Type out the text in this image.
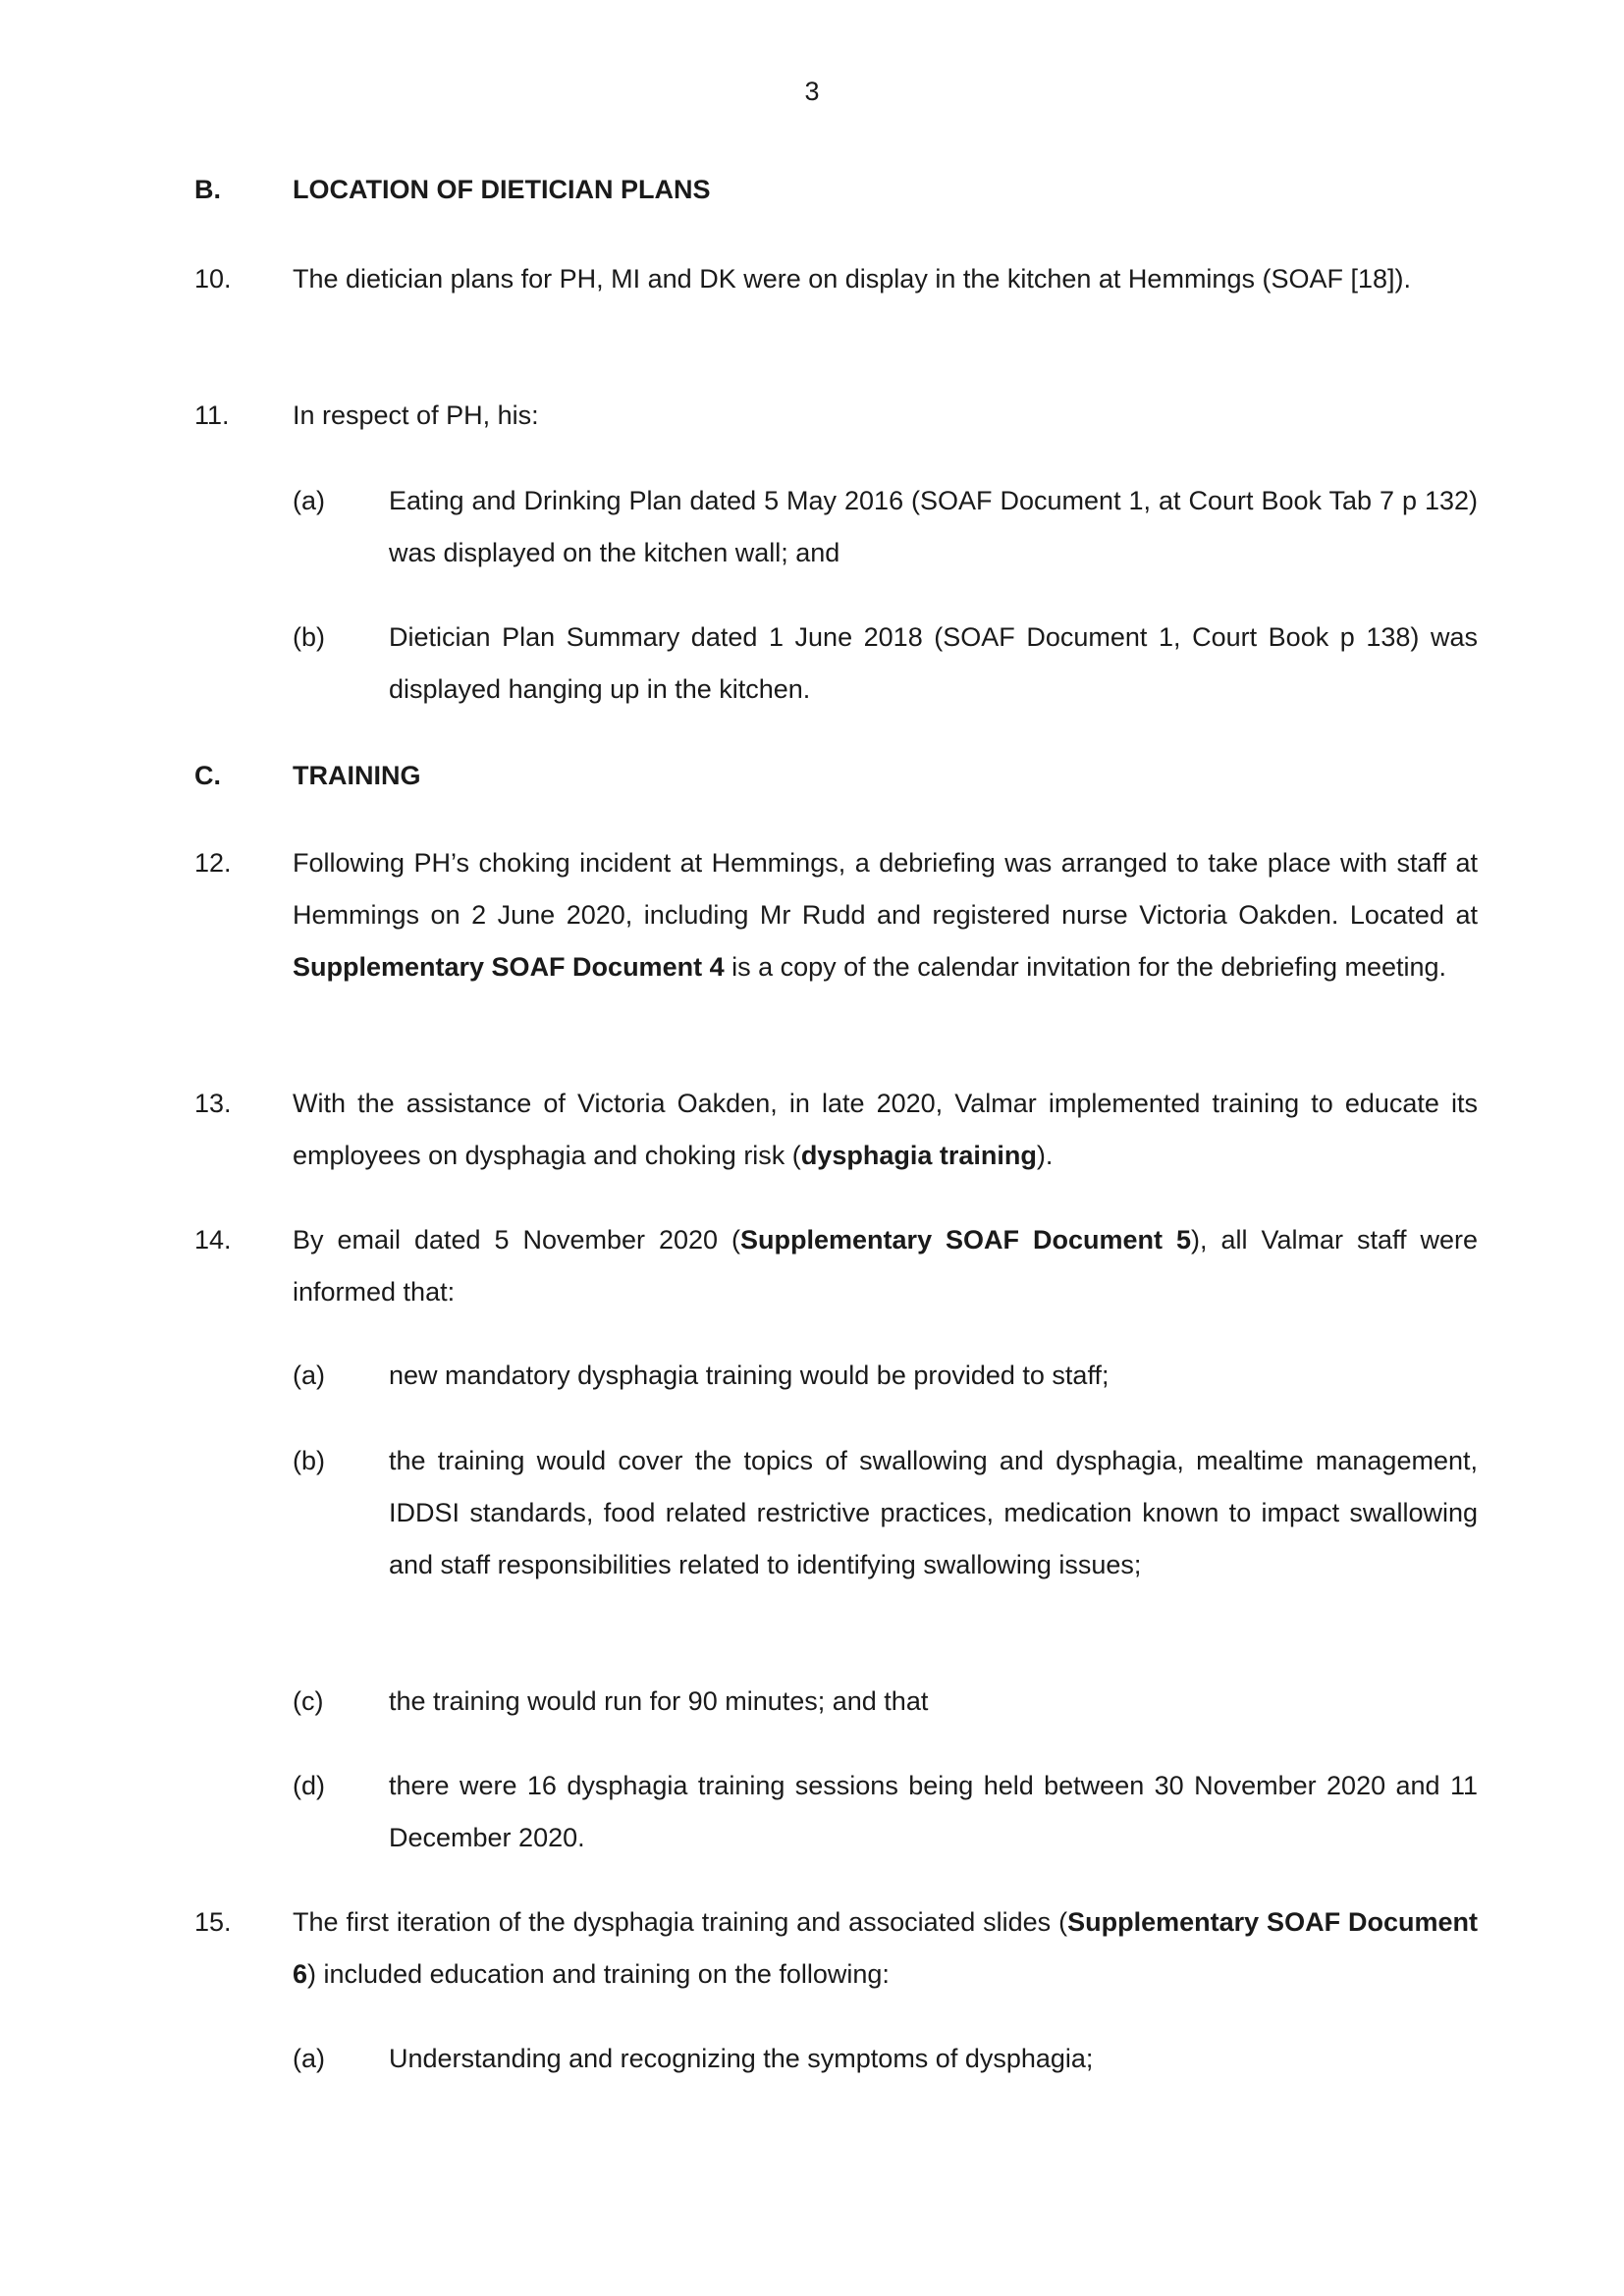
3
B.	LOCATION OF DIETICIAN PLANS
10. The dietician plans for PH, MI and DK were on display in the kitchen at Hemmings (SOAF [18]).
11. In respect of PH, his:
(a) Eating and Drinking Plan dated 5 May 2016 (SOAF Document 1, at Court Book Tab 7 p 132) was displayed on the kitchen wall; and
(b) Dietician Plan Summary dated 1 June 2018 (SOAF Document 1, Court Book p 138) was displayed hanging up in the kitchen.
C.	TRAINING
12. Following PH’s choking incident at Hemmings, a debriefing was arranged to take place with staff at Hemmings on 2 June 2020, including Mr Rudd and registered nurse Victoria Oakden. Located at Supplementary SOAF Document 4 is a copy of the calendar invitation for the debriefing meeting.
13. With the assistance of Victoria Oakden, in late 2020, Valmar implemented training to educate its employees on dysphagia and choking risk (dysphagia training).
14. By email dated 5 November 2020 (Supplementary SOAF Document 5), all Valmar staff were informed that:
(a) new mandatory dysphagia training would be provided to staff;
(b) the training would cover the topics of swallowing and dysphagia, mealtime management, IDDSI standards, food related restrictive practices, medication known to impact swallowing and staff responsibilities related to identifying swallowing issues;
(c) the training would run for 90 minutes; and that
(d) there were 16 dysphagia training sessions being held between 30 November 2020 and 11 December 2020.
15. The first iteration of the dysphagia training and associated slides (Supplementary SOAF Document 6) included education and training on the following:
(a) Understanding and recognizing the symptoms of dysphagia;
